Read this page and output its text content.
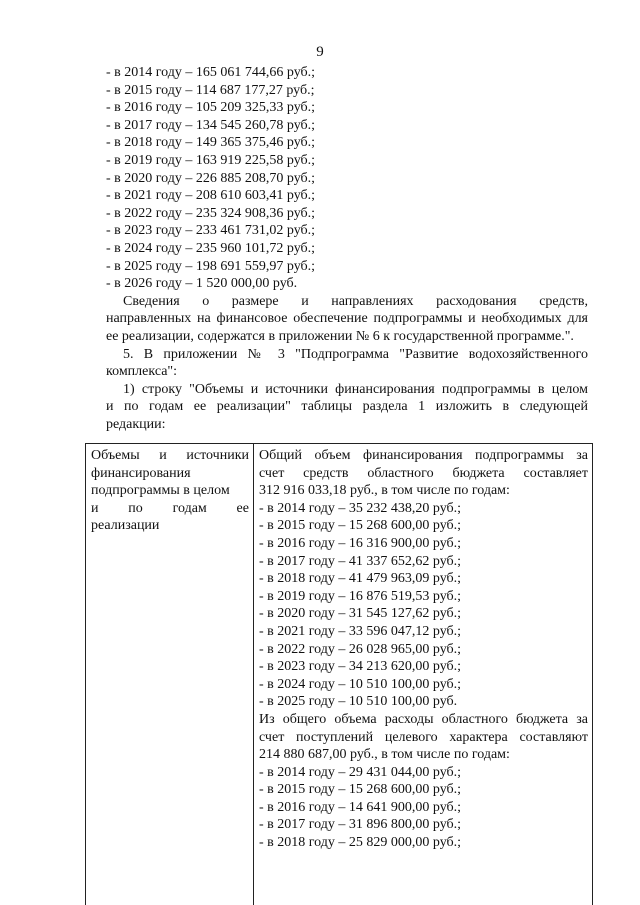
9
- в 2014 году – 165 061 744,66 руб.;
- в 2015 году – 114 687 177,27 руб.;
- в 2016 году – 105 209 325,33 руб.;
- в 2017 году – 134 545 260,78 руб.;
- в 2018 году – 149 365 375,46 руб.;
- в 2019 году – 163 919 225,58 руб.;
- в 2020 году – 226 885 208,70 руб.;
- в 2021 году – 208 610 603,41 руб.;
- в 2022 году – 235 324 908,36 руб.;
- в 2023 году – 233 461 731,02 руб.;
- в 2024 году – 235 960 101,72 руб.;
- в 2025 году – 198 691 559,97 руб.;
- в 2026 году – 1 520 000,00 руб.
Сведения о размере и направлениях расходования средств,
направленных на финансовое обеспечение подпрограммы и необходимых для
ее реализации, содержатся в приложении № 6 к государственной программе.".
5. В приложении № 3 "Подпрограмма "Развитие водохозяйственного
комплекса":
1) строку "Объемы и источники финансирования подпрограммы в целом
и по годам ее реализации" таблицы раздела 1 изложить в следующей
редакции:
Объемы и источники
финансирования
подпрограммы в целом
и по годам ее
реализации
Общий объем финансирования подпрограммы за
счет средств областного бюджета составляет
312 916 033,18 руб., в том числе по годам:
- в 2014 году – 35 232 438,20 руб.;
- в 2015 году – 15 268 600,00 руб.;
- в 2016 году – 16 316 900,00 руб.;
- в 2017 году – 41 337 652,62 руб.;
- в 2018 году – 41 479 963,09 руб.;
- в 2019 году – 16 876 519,53 руб.;
- в 2020 году – 31 545 127,62 руб.;
- в 2021 году – 33 596 047,12 руб.;
- в 2022 году – 26 028 965,00 руб.;
- в 2023 году – 34 213 620,00 руб.;
- в 2024 году – 10 510 100,00 руб.;
- в 2025 году – 10 510 100,00 руб.
Из общего объема расходы областного бюджета за
счет поступлений целевого характера составляют
214 880 687,00 руб., в том числе по годам:
- в 2014 году – 29 431 044,00 руб.;
- в 2015 году – 15 268 600,00 руб.;
- в 2016 году – 14 641 900,00 руб.;
- в 2017 году – 31 896 800,00 руб.;
- в 2018 году – 25 829 000,00 руб.;
